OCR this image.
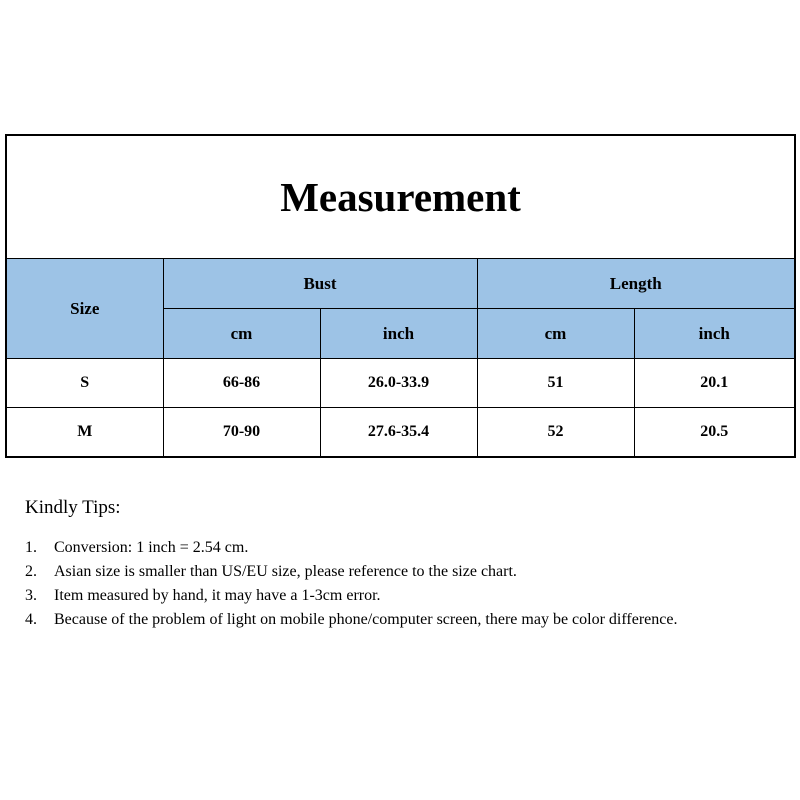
Measurement				
Size	Bust		Length	
	cm	inch	cm	inch
S	66-86	26.0-33.9	51	20.1
M	70-90	27.6-35.4	52	20.5

Kindly Tips:

1.	Conversion: 1 inch = 2.54 cm.
2.	Asian size is smaller than US/EU size, please reference to the size chart.
3.	Item measured by hand, it may have a 1-3cm error.
4.	Because of the problem of light on mobile phone/computer screen, there may be color difference.
